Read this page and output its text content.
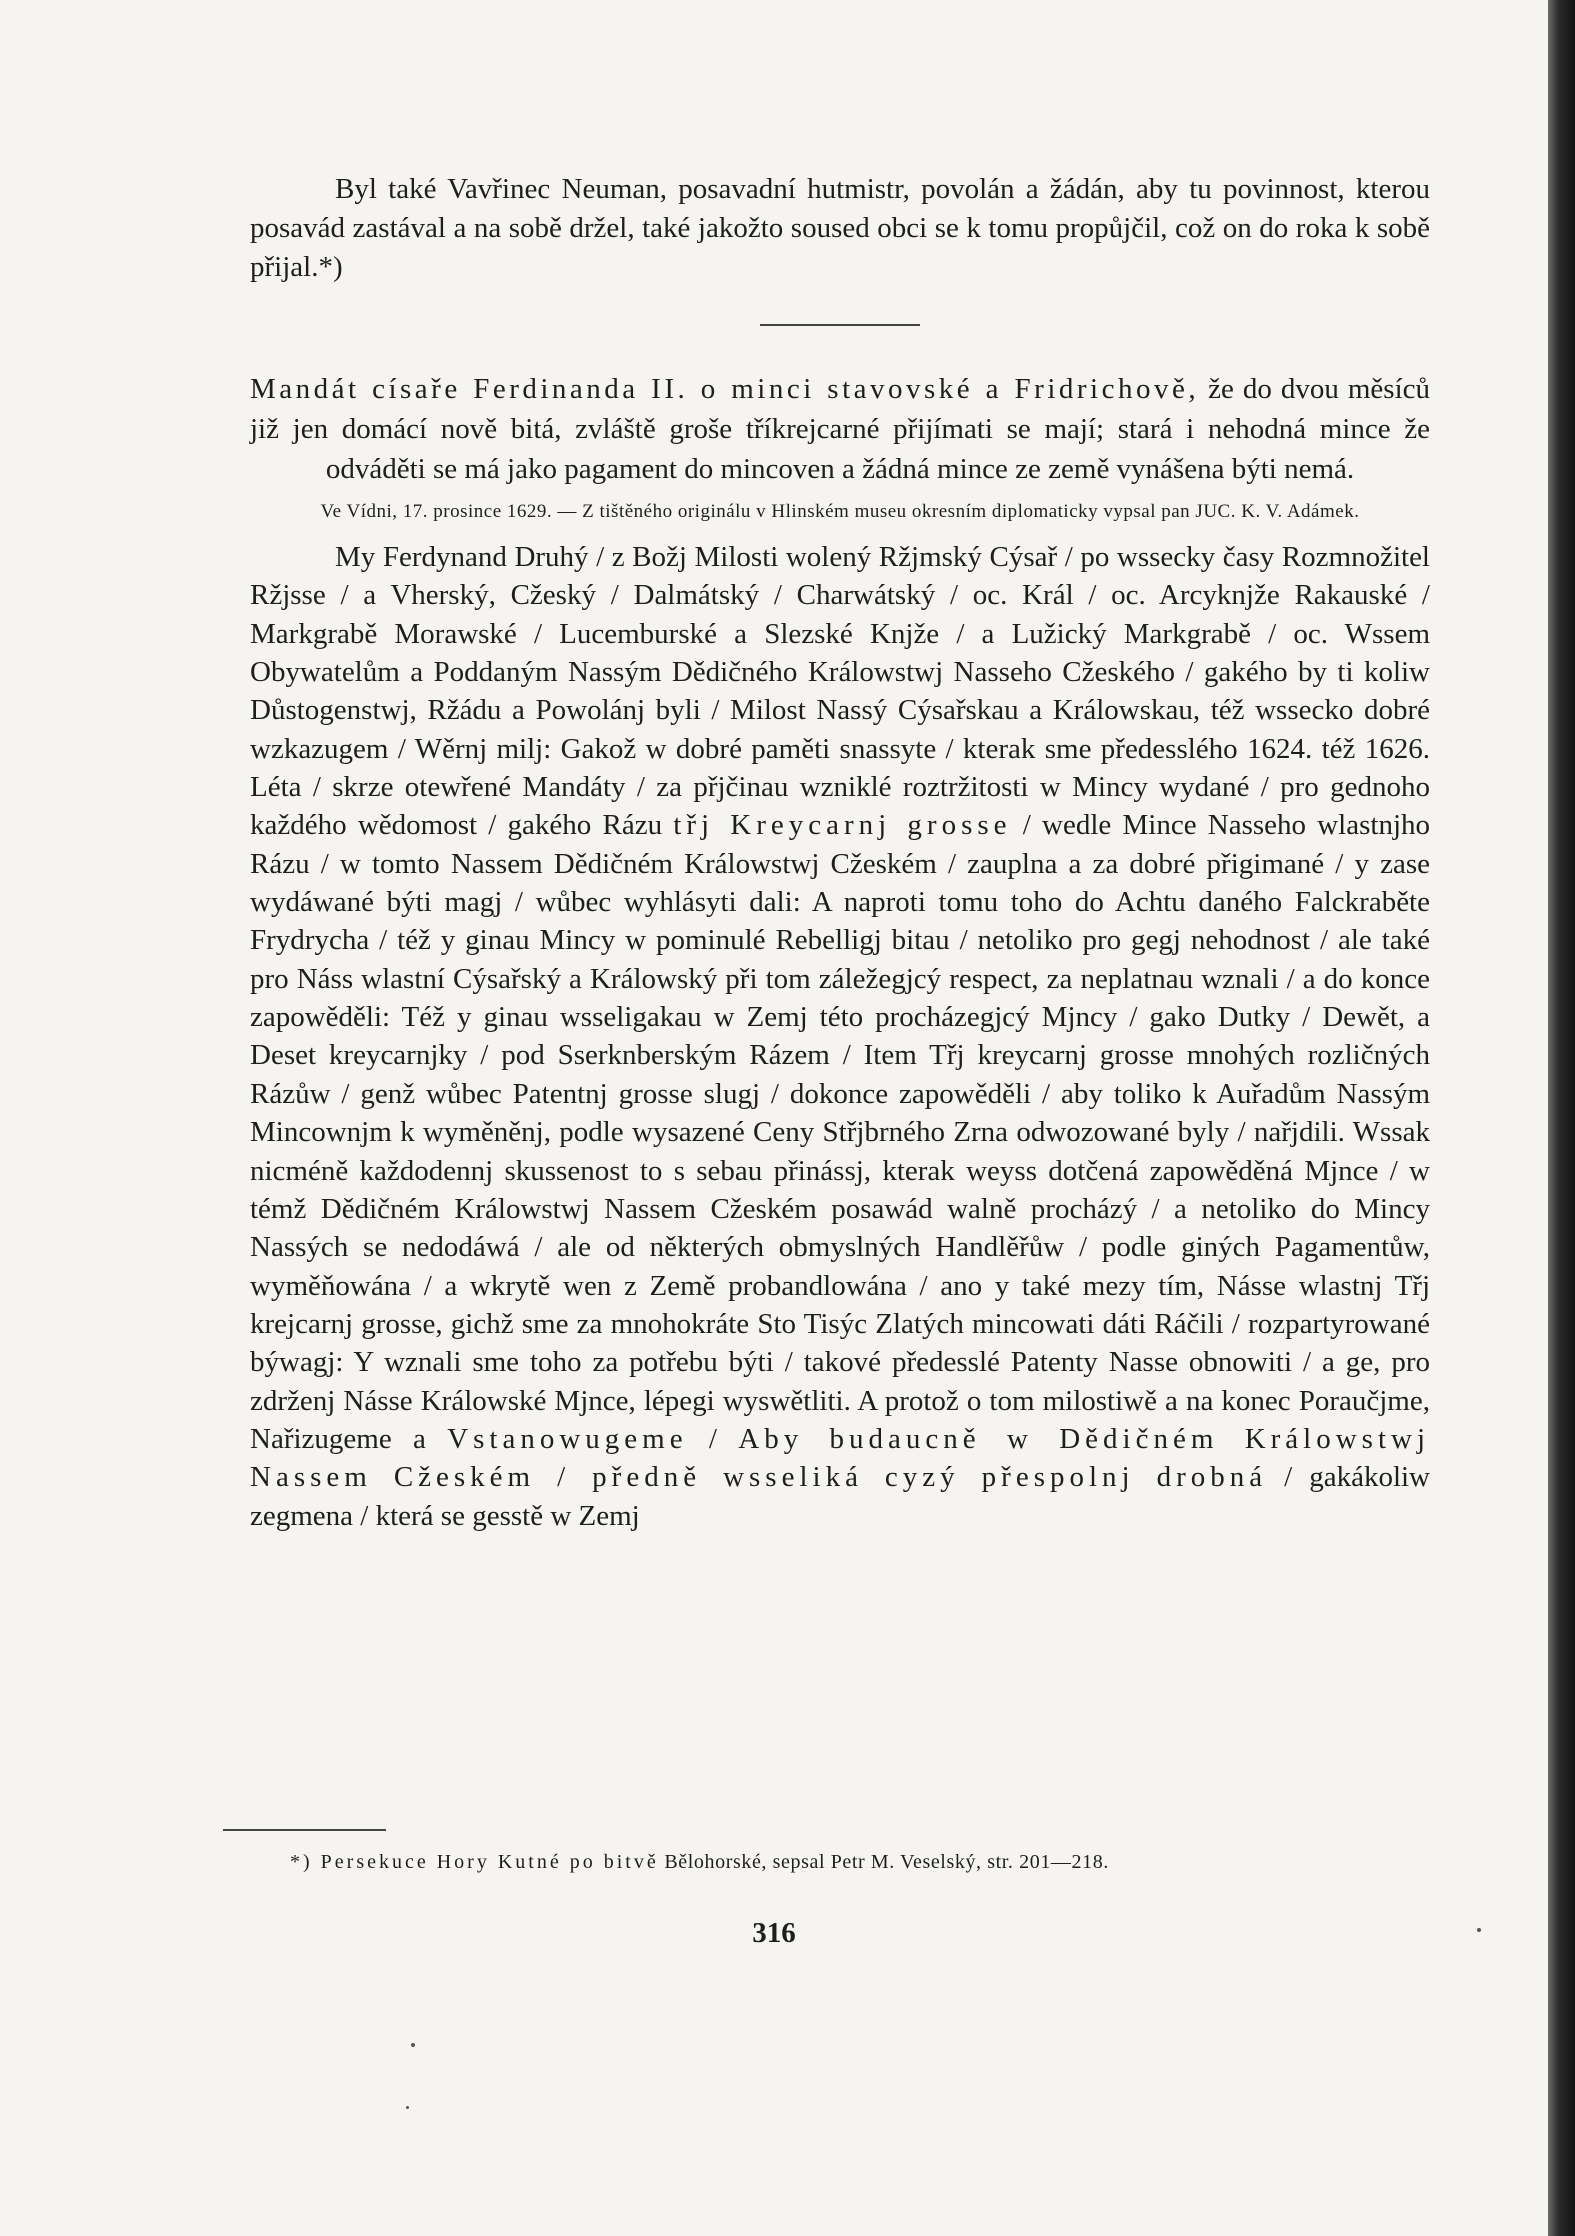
Byl také Vavřinec Neuman, posavadní hutmistr, povolán a žádán, aby tu povinnost, kterou posavád zastával a na sobě držel, také jakožto soused obci se k tomu propůjčil, což on do roka k sobě přijal.*)

Mandát císaře Ferdinanda II. o minci stavovské a Fridrichově, že do dvou měsíců již jen domácí nově bitá, zvláště groše tříkrejcarné přijímati se mají; stará i nehodná mince že odváděti se má jako pagament do mincoven a žádná mince ze země vynášena býti nemá.

Ve Vídni, 17. prosince 1629. — Z tištěného originálu v Hlinském museu okresním diplomaticky vypsal pan JUC. K. V. Adámek.

My Ferdynand Druhý / z Božj Milosti wolený Ržjmský Cýsař / po wssecky časy Rozmnožitel Ržjsse / a Vherský, Cžeský / Dalmátský / Charwátský / oc. Král / oc. Arcyknjže Rakauské / Markgrabě Morawské / Lucemburské a Slezské Knjže / a Lužický Markgrabě / oc. Wssem Obywatelům a Poddaným Nassým Dědičného Králowstwj Nasseho Cžeského / gakého by ti koliw Důstogenstwj, Ržádu a Powolánj byli / Milost Nassý Cýsařskau a Králowskau, též wssecko dobré wzkazugem / Wěrnj milj: Gakož w dobré paměti snassyte / kterak sme předesslého 1624. též 1626. Léta / skrze otewřené Mandáty / za přjčinau wzniklé roztržitosti w Mincy wydané / pro gednoho každého wědomost / gakého Rázu třj Kreycarnj grosse / wedle Mince Nasseho wlastnjho Rázu / w tomto Nassem Dědičném Králowstwj Cžeském / zauplna a za dobré přigimané / y zase wydáwané býti magj / wůbec wyhlásyti dali: A naproti tomu toho do Achtu daného Falckraběte Frydrycha / též y ginau Mincy w pominulé Rebelligj bitau / netoliko pro gegj nehodnost / ale také pro Náss wlastní Cýsařský a Králowský při tom záležegjcý respect, za neplatnau wznali / a do konce zapowěděli: Též y ginau wsseligakau w Zemj této procházegjcý Mjncy / gako Dutky / Dewět, a Deset kreycarnjky / pod Sserknberským Rázem / Item Třj kreycarnj grosse mnohých rozličných Rázůw / genž wůbec Patentnj grosse slugj / dokonce zapowěděli / aby toliko k Auřadům Nassým Mincownjm k wyměněnj, podle wysazené Ceny Střjbrného Zrna odwozowané byly / nařjdili. Wssak nicméně každodennj skussenost to s sebau přinássj, kterak weyss dotčená zapowěděná Mjnce / w témž Dědičném Králowstwj Nassem Cžeském posawád walně procházý / a netoliko do Mincy Nassých se nedodáwá / ale od některých obmyslných Handlěřůw / podle giných Pagamentůw, wyměňowána / a wkrytě wen z Země probandlowána / ano y také mezy tím, Násse wlastnj Třj krejcarnj grosse, gichž sme za mnohokráte Sto Tisýc Zlatých mincowati dáti Ráčili / rozpartyrowané býwagj: Y wznali sme toho za potřebu býti / takové předesslé Patenty Nasse obnowiti / a ge, pro zdrženj Násse Králowské Mjnce, lépegi wyswětliti. A protož o tom milostiwě a na konec Poraučjme, Nařizugeme a Vstanowugeme / Aby budaucně w Dědičném Králowstwj Nassem Cžeském / předně wsseliká cyzý přespolnj drobná / gakákoliw zegmena / která se gesstě w Zemj

*) Persekuce Hory Kutné po bitvě Bělohorské, sepsal Petr M. Veselský, str. 201—218.
316
